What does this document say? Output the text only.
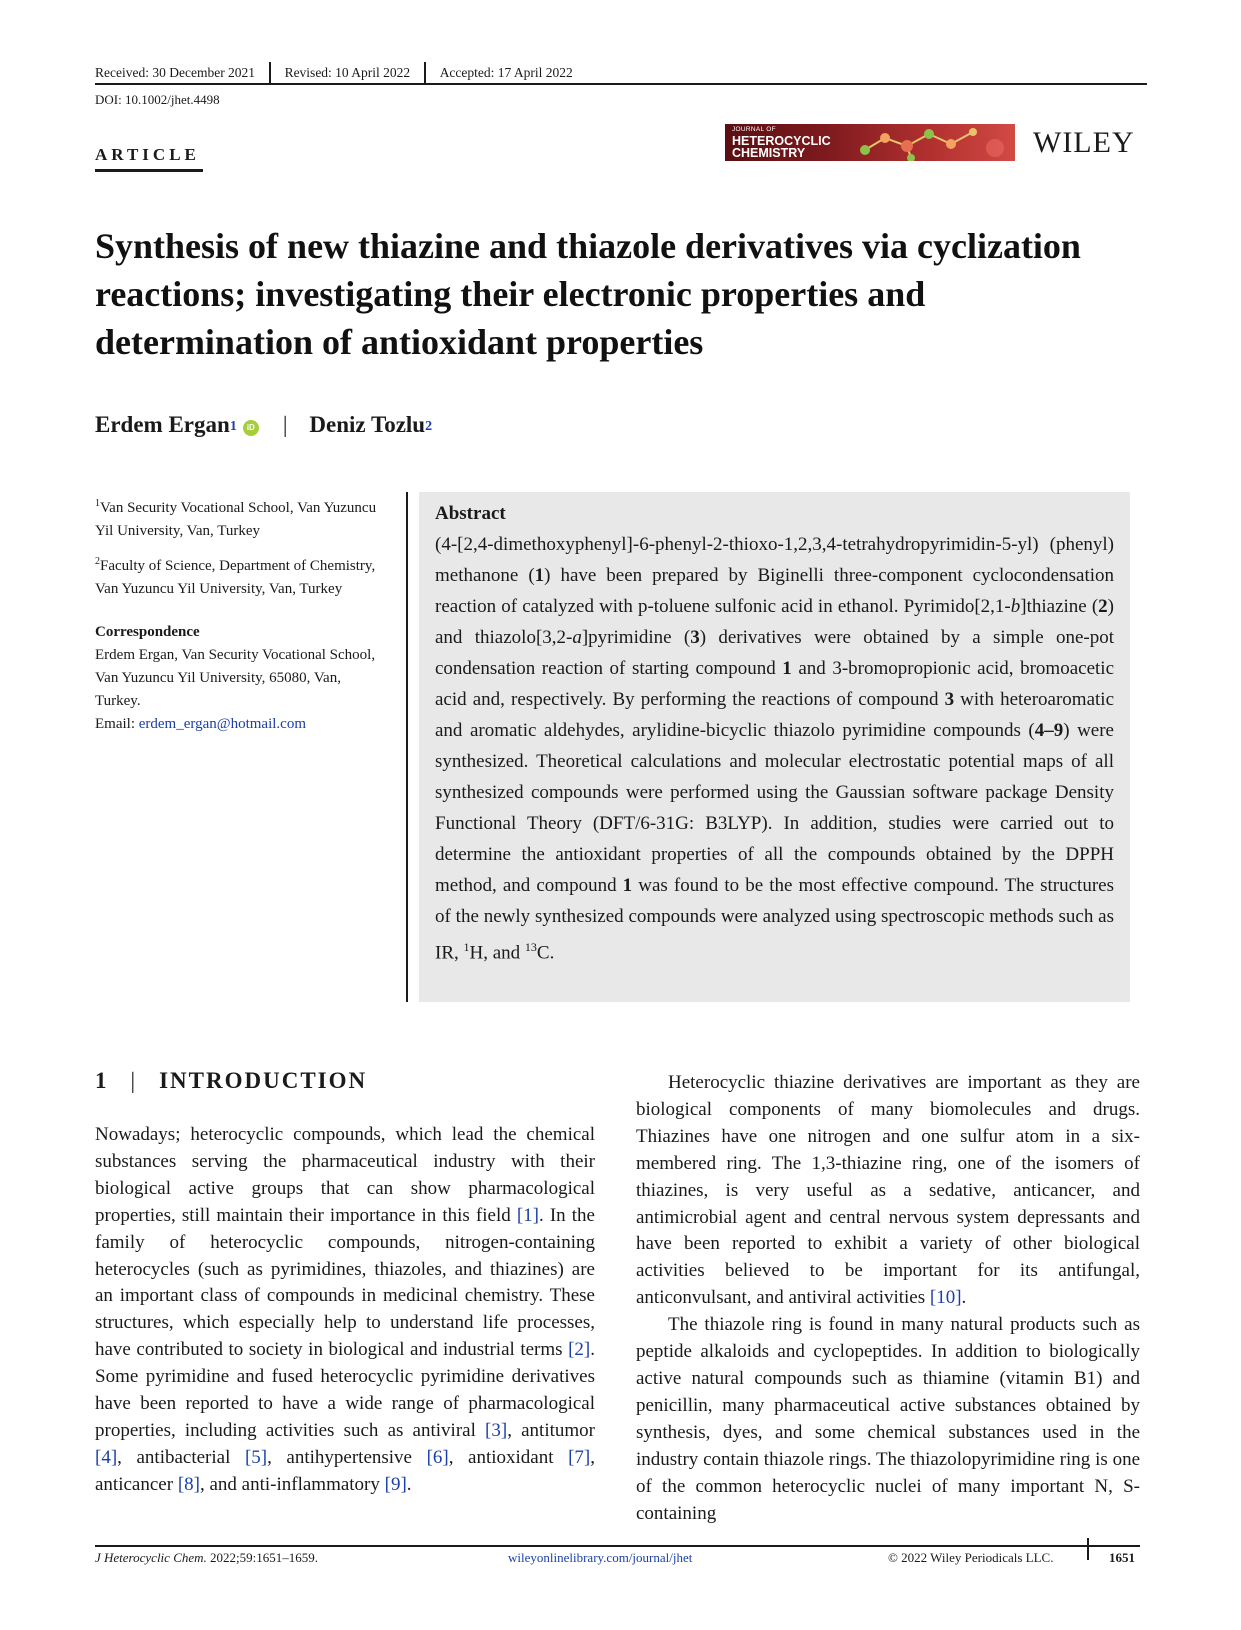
Received: 30 December 2021 Revised: 10 April 2022 Accepted: 17 April 2022
DOI: 10.1002/jhet.4498
ARTICLE
JOURNAL OF
HETEROCYCLIC
CHEMISTRY	WILEY
Synthesis of new thiazine and thiazole derivatives via cyclization reactions; investigating their electronic properties and determination of antioxidant properties
Erdem Ergan$^1$	iD | Deniz Tozlu$^2$

$^1$Van Security Vocational School, Van Yuzuncu Yil University, Van, Turkey

$^2$Faculty of Science, Department of Chemistry, Van Yuzuncu Yil University, Van, Turkey

Correspondence

Erdem Ergan, Van Security Vocational School, Van Yuzuncu Yil University, 65080, Van, Turkey.
Email: erdem_ergan@hotmail.com

Abstract
(4-[2,4-dimethoxyphenyl]-6-phenyl-2-thioxo-1,2,3,4-tetrahydropyrimidin-5-yl) (phenyl) methanone (1) have been prepared by Biginelli three-component cyclocondensation reaction of catalyzed with p-toluene sulfonic acid in ethanol. Pyrimido[2,1-b]thiazine (2) and thiazolo[3,2-a]pyrimidine (3) derivatives were obtained by a simple one-pot condensation reaction of starting compound 1 and 3-bromopropionic acid, bromoacetic acid and, respectively. By performing the reactions of compound 3 with heteroaromatic and aromatic aldehydes, arylidine-bicyclic thiazolo pyrimidine compounds (4–9) were synthesized. Theoretical calculations and molecular electrostatic potential maps of all synthesized compounds were performed using the Gaussian software package Density Functional Theory (DFT/6-31G: B3LYP). In addition, studies were carried out to determine the antioxidant properties of all the compounds obtained by the DPPH method, and compound 1 was found to be the most effective compound. The structures of the newly synthesized compounds were analyzed using spectroscopic methods such as IR, $^1$H, and $^{13}$C.
1 | INTRODUCTION

Nowadays; heterocyclic compounds, which lead the chemical substances serving the pharmaceutical industry with their biological active groups that can show pharmacological properties, still maintain their importance in this field [1]. In the family of heterocyclic compounds, nitrogen-containing heterocycles (such as pyrimidines, thiazoles, and thiazines) are an important class of compounds in medicinal chemistry. These structures, which especially help to understand life processes, have contributed to society in biological and industrial terms [2]. Some pyrimidine and fused heterocyclic pyrimidine derivatives have been reported to have a wide range of pharmacological properties, including activities such as antiviral [3], antitumor [4], antibacterial [5], antihypertensive [6], antioxidant [7], anticancer [8], and anti-inflammatory [9].

Heterocyclic thiazine derivatives are important as they are biological components of many biomolecules and drugs. Thiazines have one nitrogen and one sulfur atom in a six-membered ring. The 1,3-thiazine ring, one of the isomers of thiazines, is very useful as a sedative, anticancer, and antimicrobial agent and central nervous system depressants and have been reported to exhibit a variety of other biological activities believed to be important for its antifungal, anticonvulsant, and antiviral activities [10].

The thiazole ring is found in many natural products such as peptide alkaloids and cyclopeptides. In addition to biologically active natural compounds such as thiamine (vitamin B1) and penicillin, many pharmaceutical active substances obtained by synthesis, dyes, and some chemical substances used in the industry contain thiazole rings. The thiazolopyrimidine ring is one of the common heterocyclic nuclei of many important N, S-containing

J Heterocyclic Chem. 2022;59:1651–1659.	wileyonlinelibrary.com/journal/jhet	© 2022 Wiley Periodicals LLC.	1651
